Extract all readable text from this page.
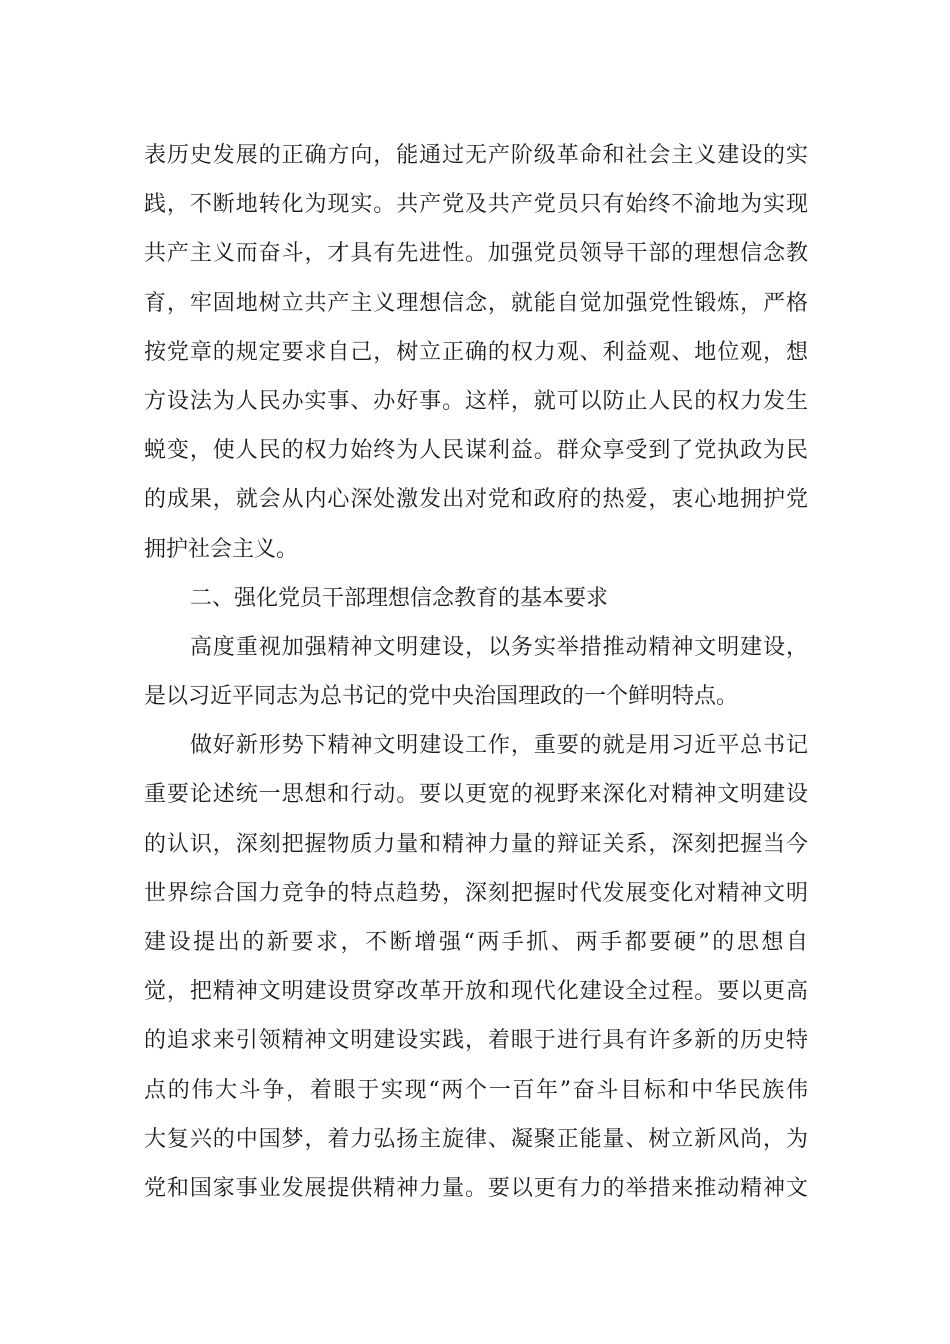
表历史发展的正确方向，能通过无产阶级革命和社会主义建设的实
践，不断地转化为现实。共产党及共产党员只有始终不渝地为实现
共产主义而奋斗，才具有先进性。加强党员领导干部的理想信念教
育，牢固地树立共产主义理想信念，就能自觉加强党性锻炼，严格
按党章的规定要求自己，树立正确的权力观、利益观、地位观，想
方设法为人民办实事、办好事。这样，就可以防止人民的权力发生
蜕变，使人民的权力始终为人民谋利益。群众享受到了党执政为民
的成果，就会从内心深处激发出对党和政府的热爱，衷心地拥护党
拥护社会主义。
二、强化党员干部理想信念教育的基本要求
高度重视加强精神文明建设，以务实举措推动精神文明建设，
是以习近平同志为总书记的党中央治国理政的一个鲜明特点。
做好新形势下精神文明建设工作，重要的就是用习近平总书记
重要论述统一思想和行动。要以更宽的视野来深化对精神文明建设
的认识，深刻把握物质力量和精神力量的辩证关系，深刻把握当今
世界综合国力竞争的特点趋势，深刻把握时代发展变化对精神文明
建设提出的新要求，不断增强“两手抓、两手都要硬”的思想自
觉，把精神文明建设贯穿改革开放和现代化建设全过程。要以更高
的追求来引领精神文明建设实践，着眼于进行具有许多新的历史特
点的伟大斗争，着眼于实现“两个一百年”奋斗目标和中华民族伟
大复兴的中国梦，着力弘扬主旋律、凝聚正能量、树立新风尚，为
党和国家事业发展提供精神力量。要以更有力的举措来推动精神文
